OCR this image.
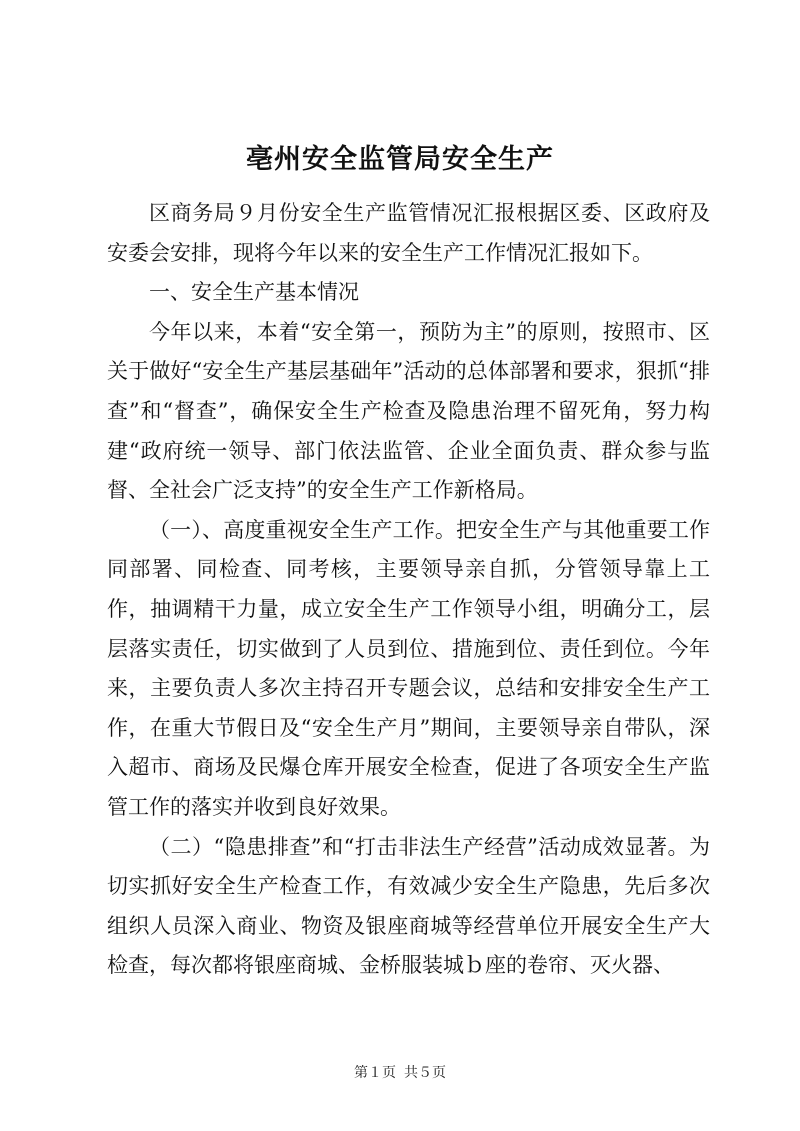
亳州安全监管局安全生产

区商务局９月份安全生产监管情况汇报根据区委、区政府及安委会安排，现将今年以来的安全生产工作情况汇报如下。

一、安全生产基本情况

今年以来，本着“安全第一，预防为主”的原则，按照市、区关于做好“安全生产基层基础年”活动的总体部署和要求，狠抓“排查”和“督查”，确保安全生产检查及隐患治理不留死角，努力构建“政府统一领导、部门依法监管、企业全面负责、群众参与监督、全社会广泛支持”的安全生产工作新格局。

（一）、高度重视安全生产工作。把安全生产与其他重要工作同部署、同检查、同考核，主要领导亲自抓，分管领导靠上工作，抽调精干力量，成立安全生产工作领导小组，明确分工，层层落实责任，切实做到了人员到位、措施到位、责任到位。今年来，主要负责人多次主持召开专题会议，总结和安排安全生产工作，在重大节假日及“安全生产月”期间，主要领导亲自带队，深入超市、商场及民爆仓库开展安全检查，促进了各项安全生产监管工作的落实并收到良好效果。

（二）“隐患排查”和“打击非法生产经营”活动成效显著。为切实抓好安全生产检查工作，有效减少安全生产隐患，先后多次组织人员深入商业、物资及银座商城等经营单位开展安全生产大检查，每次都将银座商城、金桥服装城ｂ座的卷帘、灭火器、

第１页 共５页
